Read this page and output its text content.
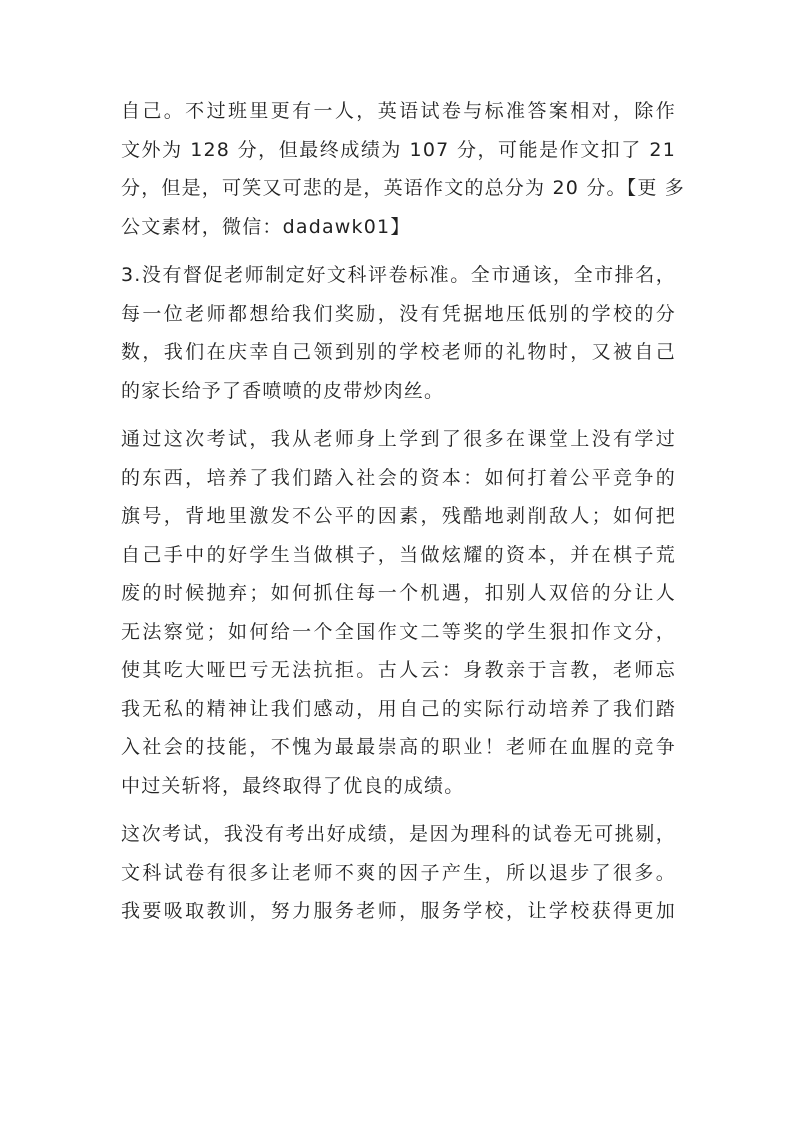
自己。不过班里更有一人，英语试卷与标准答案相对，除作
文外为 128 分，但最终成绩为 107 分，可能是作文扣了 21
分，但是，可笑又可悲的是，英语作文的总分为 20 分。【更 多
公文素材，微信：dadawk01】

3.没有督促老师制定好文科评卷标准。全市通该，全市排名，
每一位老师都想给我们奖励，没有凭据地压低别的学校的分
数，我们在庆幸自己领到别的学校老师的礼物时，又被自己
的家长给予了香喷喷的皮带炒肉丝。

通过这次考试，我从老师身上学到了很多在课堂上没有学过
的东西，培养了我们踏入社会的资本：如何打着公平竞争的
旗号，背地里激发不公平的因素，残酷地剥削敌人；如何把
自己手中的好学生当做棋子，当做炫耀的资本，并在棋子荒
废的时候抛弃；如何抓住每一个机遇，扣别人双倍的分让人
无法察觉；如何给一个全国作文二等奖的学生狠扣作文分，
使其吃大哑巴亏无法抗拒。古人云：身教亲于言教，老师忘
我无私的精神让我们感动，用自己的实际行动培养了我们踏
入社会的技能，不愧为最最崇高的职业！老师在血腥的竞争
中过关斩将，最终取得了优良的成绩。

这次考试，我没有考出好成绩，是因为理科的试卷无可挑剔，
文科试卷有很多让老师不爽的因子产生，所以退步了很多。
我要吸取教训，努力服务老师，服务学校，让学校获得更加
